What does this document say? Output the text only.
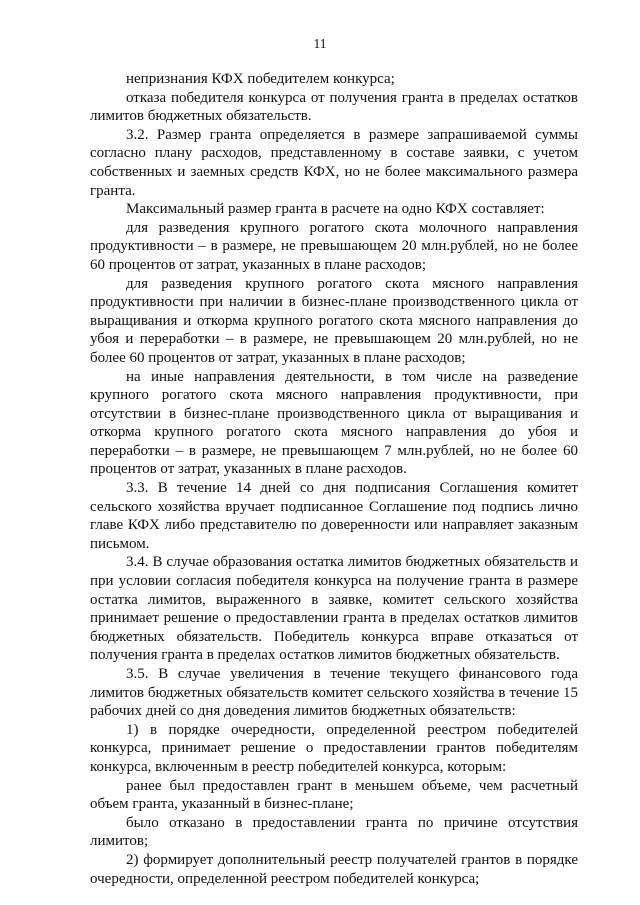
11

непризнания КФХ победителем конкурса;

отказа победителя конкурса от получения гранта в пределах остатков лимитов бюджетных обязательств.

3.2. Размер гранта определяется в размере запрашиваемой суммы согласно плану расходов, представленному в составе заявки, с учетом собственных и заемных средств КФХ, но не более максимального размера гранта.

Максимальный размер гранта в расчете на одно КФХ составляет:

для разведения крупного рогатого скота молочного направления продуктивности – в размере, не превышающем 20 млн.рублей, но не более 60 процентов от затрат, указанных в плане расходов;

для разведения крупного рогатого скота мясного направления продуктивности при наличии в бизнес-плане производственного цикла от выращивания и откорма крупного рогатого скота мясного направления до убоя и переработки – в размере, не превышающем 20 млн.рублей, но не более 60 процентов от затрат, указанных в плане расходов;

на иные направления деятельности, в том числе на разведение крупного рогатого скота мясного направления продуктивности, при отсутствии в бизнес-плане производственного цикла от выращивания и откорма крупного рогатого скота мясного направления до убоя и переработки – в размере, не превышающем 7 млн.рублей, но не более 60 процентов от затрат, указанных в плане расходов.

3.3. В течение 14 дней со дня подписания Соглашения комитет сельского хозяйства вручает подписанное Соглашение под подпись лично главе КФХ либо представителю по доверенности или направляет заказным письмом.

3.4. В случае образования остатка лимитов бюджетных обязательств и при условии согласия победителя конкурса на получение гранта в размере остатка лимитов, выраженного в заявке, комитет сельского хозяйства принимает решение о предоставлении гранта в пределах остатков лимитов бюджетных обязательств. Победитель конкурса вправе отказаться от получения гранта в пределах остатков лимитов бюджетных обязательств.

3.5. В случае увеличения в течение текущего финансового года лимитов бюджетных обязательств комитет сельского хозяйства в течение 15 рабочих дней со дня доведения лимитов бюджетных обязательств:

1) в порядке очередности, определенной реестром победителей конкурса, принимает решение о предоставлении грантов победителям конкурса, включенным в реестр победителей конкурса, которым:

ранее был предоставлен грант в меньшем объеме, чем расчетный объем гранта, указанный в бизнес-плане;

было отказано в предоставлении гранта по причине отсутствия лимитов;

2) формирует дополнительный реестр получателей грантов в порядке очередности, определенной реестром победителей конкурса;
